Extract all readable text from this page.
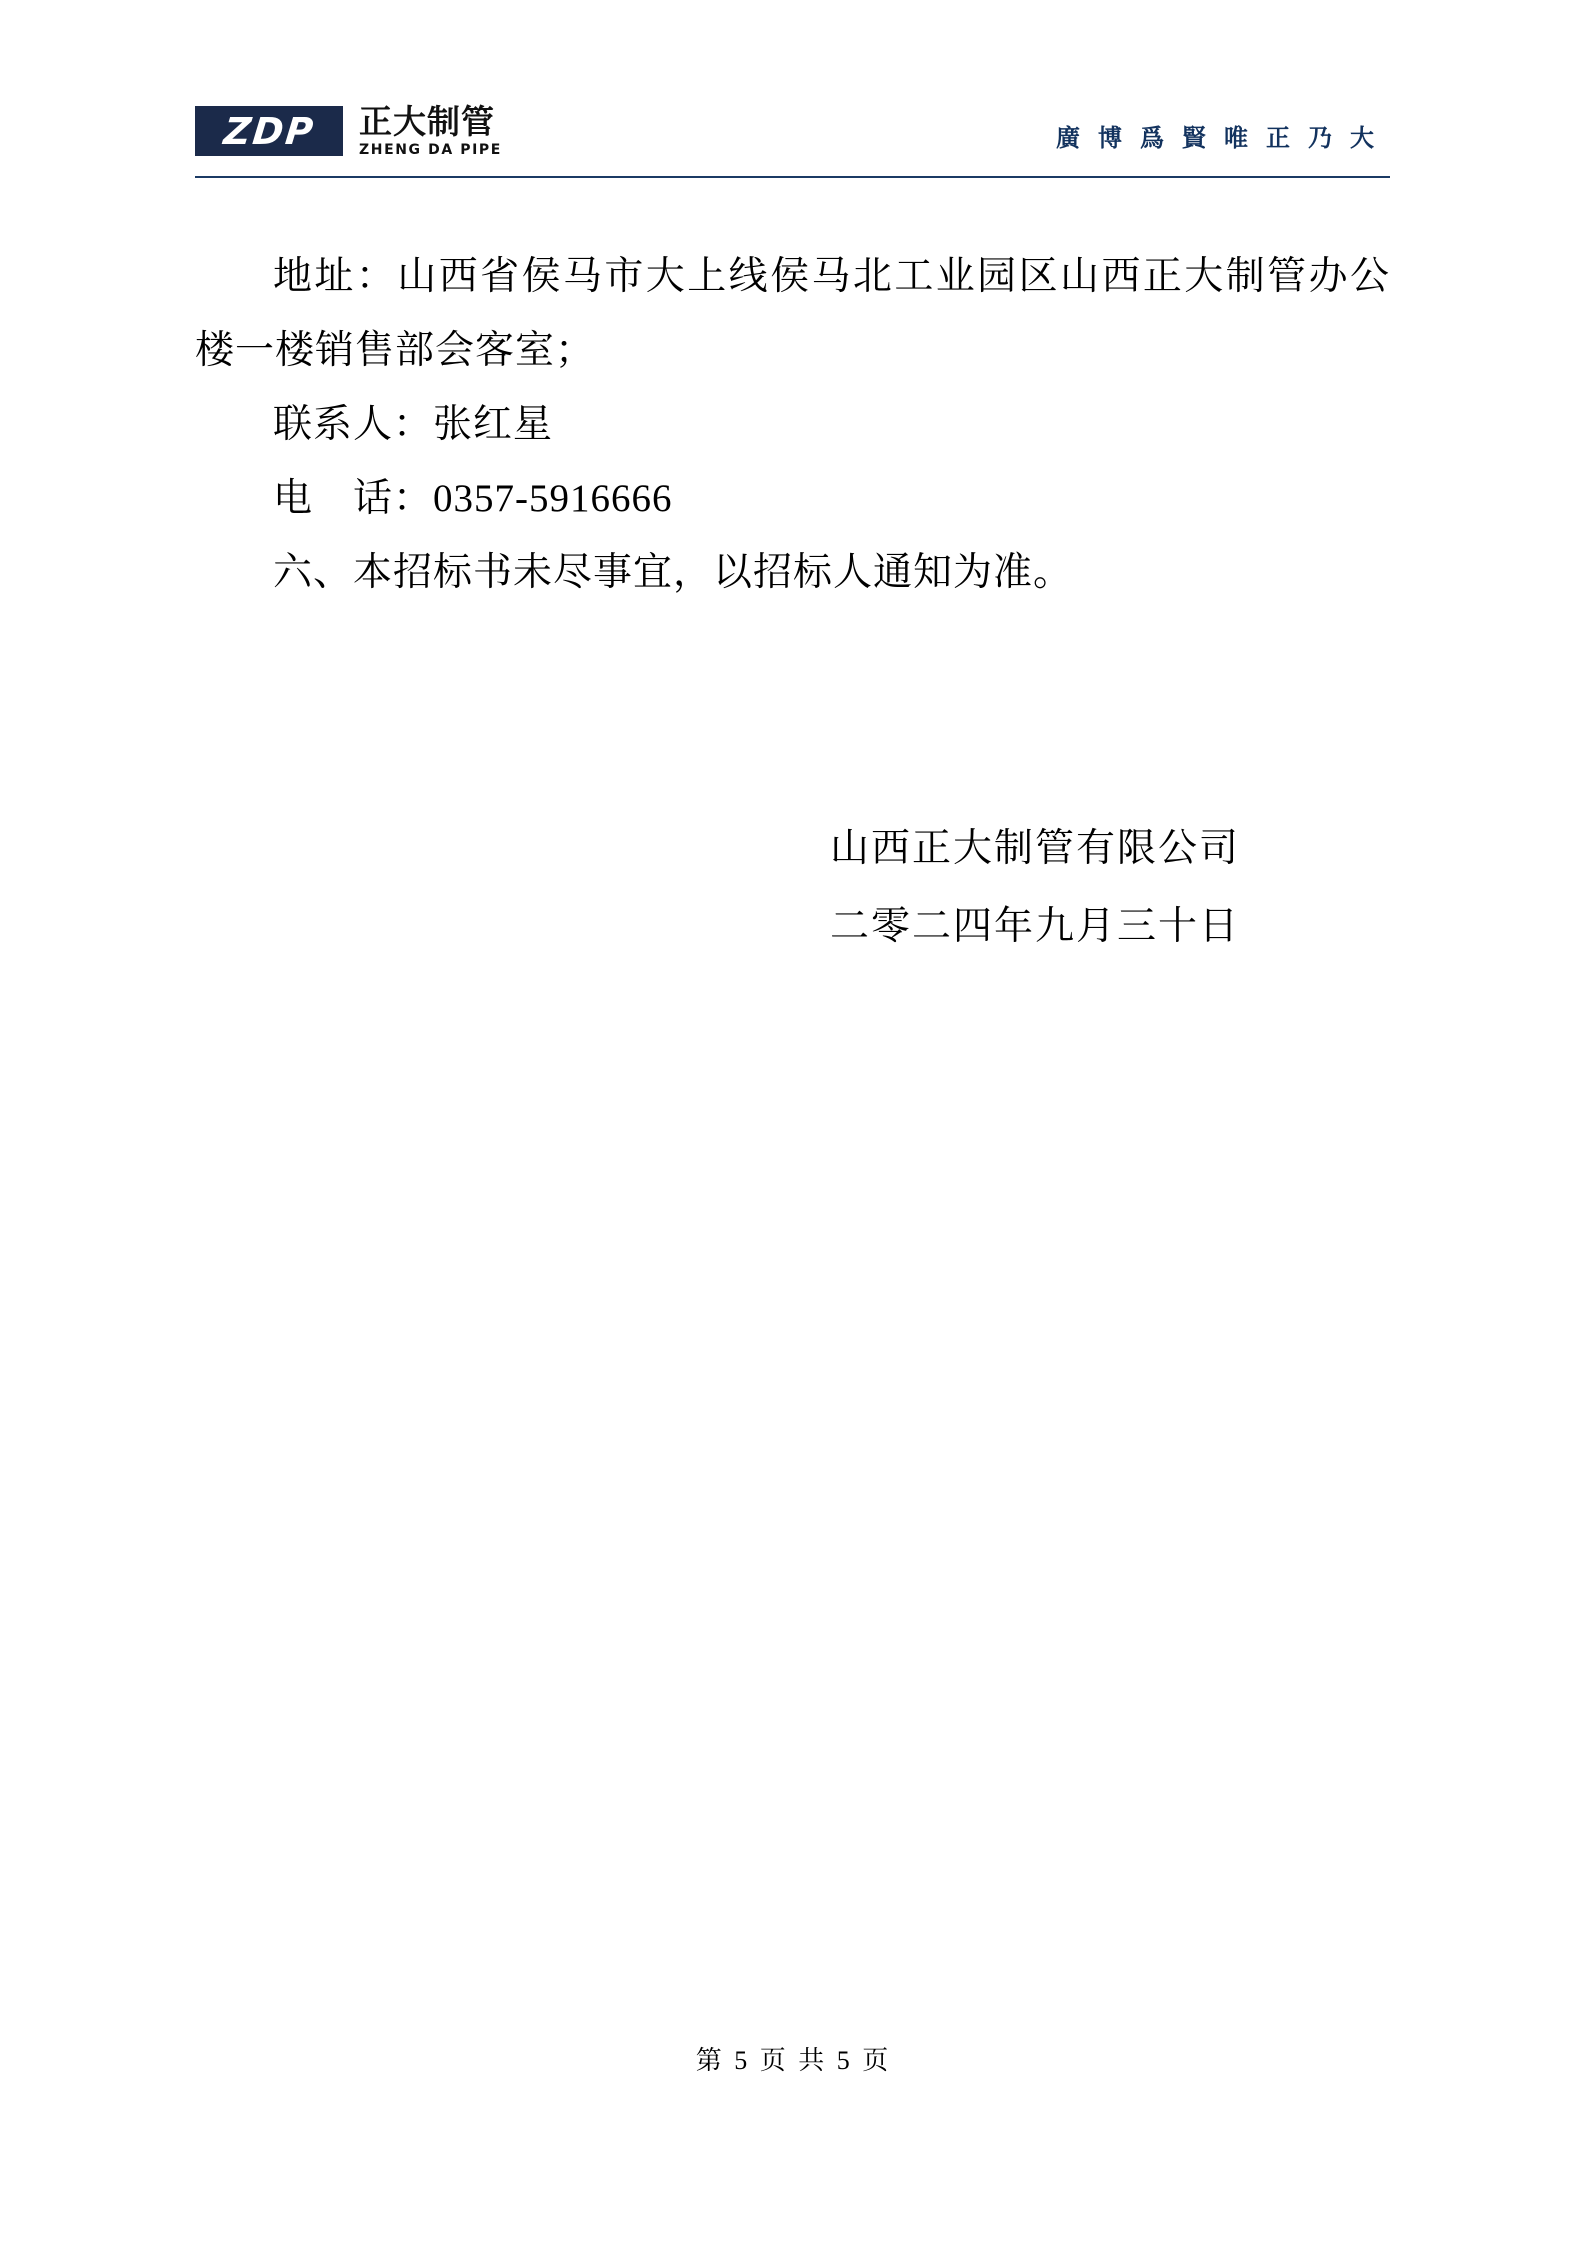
ZDP 正大制管
ZHENG DA PIPE	廣 博 爲 賢 唯 正 乃 大
地址：山西省侯马市大上线侯马北工业园区山西正大制管办公楼一楼销售部会客室；
联系人：张红星
电　话：0357-5916666
六、本招标书未尽事宜，以招标人通知为准。
山西正大制管有限公司
二零二四年九月三十日
第 5 页 共 5 页
